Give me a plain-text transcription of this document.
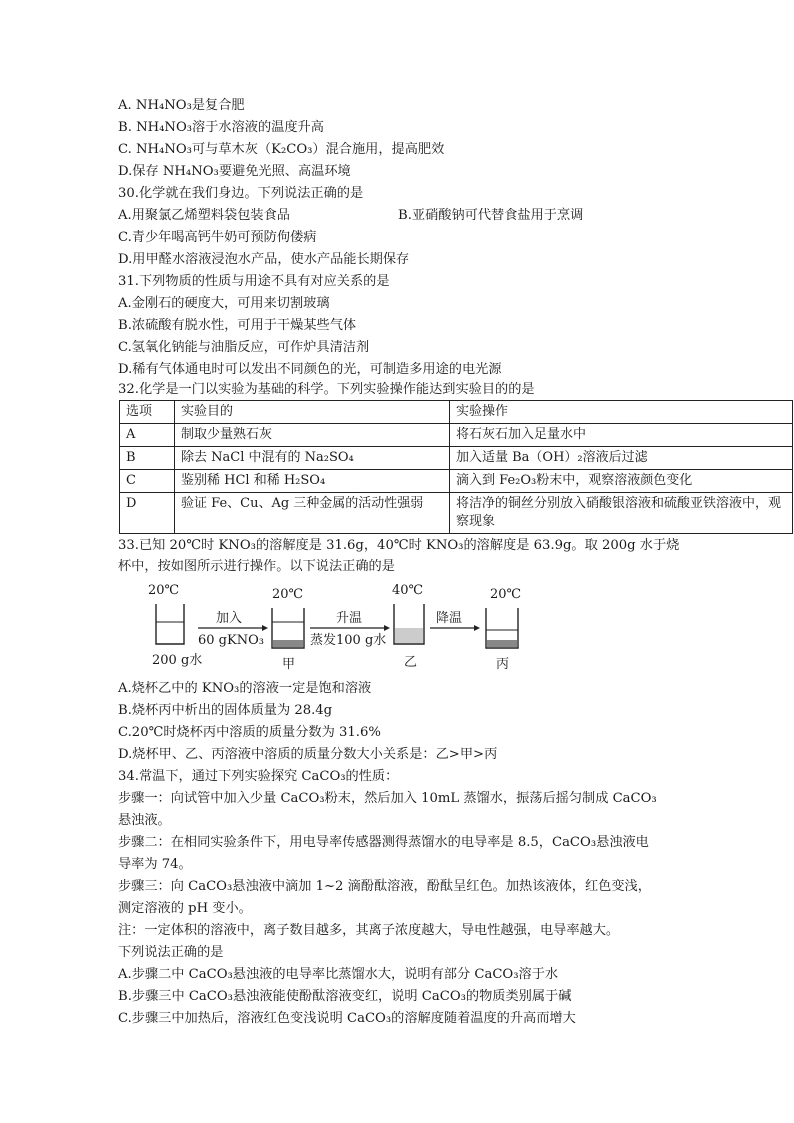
A. NH₄NO₃是复合肥
B. NH₄NO₃溶于水溶液的温度升高
C. NH₄NO₃可与草木灰（K₂CO₃）混合施用，提高肥效
D.保存 NH₄NO₃要避免光照、高温环境
30.化学就在我们身边。下列说法正确的是
A.用聚氯乙烯塑料袋包装食品	B.亚硝酸钠可代替食盐用于烹调
C.青少年喝高钙牛奶可预防佝偻病
D.用甲醛水溶液浸泡水产品，使水产品能长期保存
31.下列物质的性质与用途不具有对应关系的是
A.金刚石的硬度大，可用来切割玻璃
B.浓硫酸有脱水性，可用于干燥某些气体
C.氢氧化钠能与油脂反应，可作炉具清洁剂
D.稀有气体通电时可以发出不同颜色的光，可制造多用途的电光源
32.化学是一门以实验为基础的科学。下列实验操作能达到实验目的的是
选项	实验目的	实验操作
A	制取少量熟石灰	将石灰石加入足量水中
B	除去 NaCl 中混有的 Na₂SO₄	加入适量 Ba（OH）₂溶液后过滤
C	鉴别稀 HCl 和稀 H₂SO₄	滴入到 Fe₂O₃粉末中，观察溶液颜色变化
D	验证 Fe、Cu、Ag 三种金属的活动性强弱	将洁净的铜丝分别放入硝酸银溶液和硫酸亚铁溶液中，观察现象
33.已知 20℃时 KNO₃的溶解度是 31.6g，40℃时 KNO₃的溶解度是 63.9g。取 200g 水于烧
杯中，按如图所示进行操作。以下说法正确的是
20℃
200 g水
加入
60 gKNO₃
20℃
甲
升温
蒸发100 g水
40℃
乙
降温
20℃
丙
A.烧杯乙中的 KNO₃的溶液一定是饱和溶液
B.烧杯丙中析出的固体质量为 28.4g
C.20℃时烧杯丙中溶质的质量分数为 31.6%
D.烧杯甲、乙、丙溶液中溶质的质量分数大小关系是：乙>甲>丙
34.常温下，通过下列实验探究 CaCO₃的性质：
步骤一：向试管中加入少量 CaCO₃粉末，然后加入 10mL 蒸馏水，振荡后摇匀制成 CaCO₃
悬浊液。
步骤二：在相同实验条件下，用电导率传感器测得蒸馏水的电导率是 8.5，CaCO₃悬浊液电
导率为 74。
步骤三：向 CaCO₃悬浊液中滴加 1~2 滴酚酞溶液，酚酞呈红色。加热该液体，红色变浅，
测定溶液的 pH 变小。
注：一定体积的溶液中，离子数目越多，其离子浓度越大，导电性越强，电导率越大。
下列说法正确的是
A.步骤二中 CaCO₃悬浊液的电导率比蒸馏水大，说明有部分 CaCO₃溶于水
B.步骤三中 CaCO₃悬浊液能使酚酞溶液变红，说明 CaCO₃的物质类别属于碱
C.步骤三中加热后，溶液红色变浅说明 CaCO₃的溶解度随着温度的升高而增大
